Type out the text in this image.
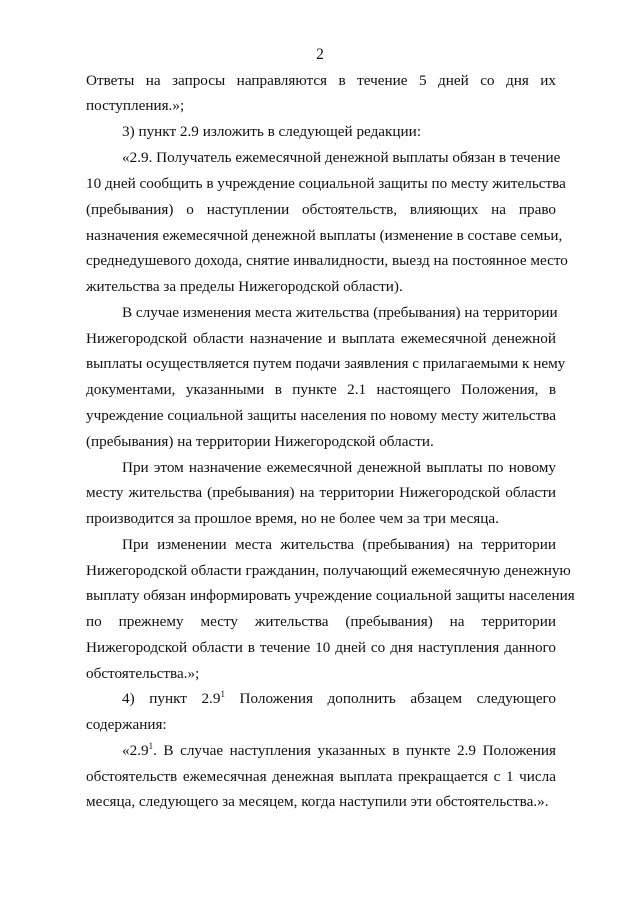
2
Ответы на запросы направляются в течение 5 дней со дня их
поступления.»;
3) пункт 2.9 изложить в следующей редакции:
«2.9. Получатель ежемесячной денежной выплаты обязан в течение
10 дней сообщить в учреждение социальной защиты по месту жительства
(пребывания) о наступлении обстоятельств, влияющих на право
назначения ежемесячной денежной выплаты (изменение в составе семьи,
среднедушевого дохода, снятие инвалидности, выезд на постоянное место
жительства за пределы Нижегородской области).
В случае изменения места жительства (пребывания) на территории
Нижегородской области назначение и выплата ежемесячной денежной
выплаты осуществляется путем подачи заявления с прилагаемыми к нему
документами, указанными в пункте 2.1 настоящего Положения, в
учреждение социальной защиты населения по новому месту жительства
(пребывания) на территории Нижегородской области.
При этом назначение ежемесячной денежной выплаты по новому
месту жительства (пребывания) на территории Нижегородской области
производится за прошлое время, но не более чем за три месяца.
При изменении места жительства (пребывания) на территории
Нижегородской области гражданин, получающий ежемесячную денежную
выплату обязан информировать учреждение социальной защиты населения
по прежнему месту жительства (пребывания) на территории
Нижегородской области в течение 10 дней со дня наступления данного
обстоятельства.»;
4) пункт $2.9^1$ Положения дополнить абзацем следующего
содержания:
«$2.9^1$. В случае наступления указанных в пункте 2.9 Положения
обстоятельств ежемесячная денежная выплата прекращается с 1 числа
месяца, следующего за месяцем, когда наступили эти обстоятельства.».
